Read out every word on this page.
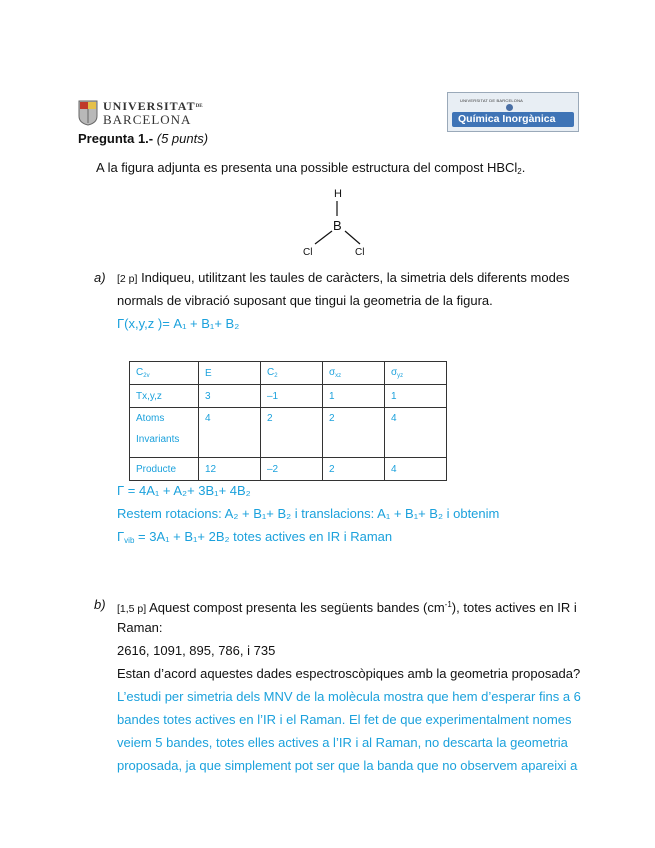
$UNIVERSITAT^{DE}$
BARCELONA
UNIVERSITAT DE BARCELONA
Química Inorgànica
Pregunta 1.- (5 punts)
A la figura adjunta es presenta una possible estructura del compost HBCl$_2$.
H
B
Cl	Cl
a) [2 p] Indiqueu, utilitzant les taules de caràcters, la simetria dels diferents modes
normals de vibració suposant que tingui la geometria de la figura.
Γ(x,y,z )= A₁ + B₁+ B₂
$C_{2v}$	E	$C_2$	$\sigma_{xz}$	$\sigma_{yz}$
Tx,y,z	3	–1	1	1

Atoms
Invariants	4	2	2	4
Producte	12	–2	2	4
Γ = 4A₁ + A₂+ 3B₁+ 4B₂
Restem rotacions: A₂ + B₁+ B₂ i translacions: A₁ + B₁+ B₂ i obtenim
$\Gamma_{vib} = 3A_1 + B_1+ 2B_2$ totes actives en IR i Raman
b) [1,5 p] Aquest compost presenta les següents bandes $(cm^{-1})$, totes actives en IR i
Raman:
2616, 1091, 895, 786, i 735
Estan d’acord aquestes dades espectroscòpiques amb la geometria proposada?
L’estudi per simetria dels MNV de la molècula mostra que hem d’esperar fins a 6
bandes totes actives en l’IR i el Raman. El fet de que experimentalment nomes
veiem 5 bandes, totes elles actives a l’IR i al Raman, no descarta la geometria
proposada, ja que simplement pot ser que la banda que no observem apareixi a
